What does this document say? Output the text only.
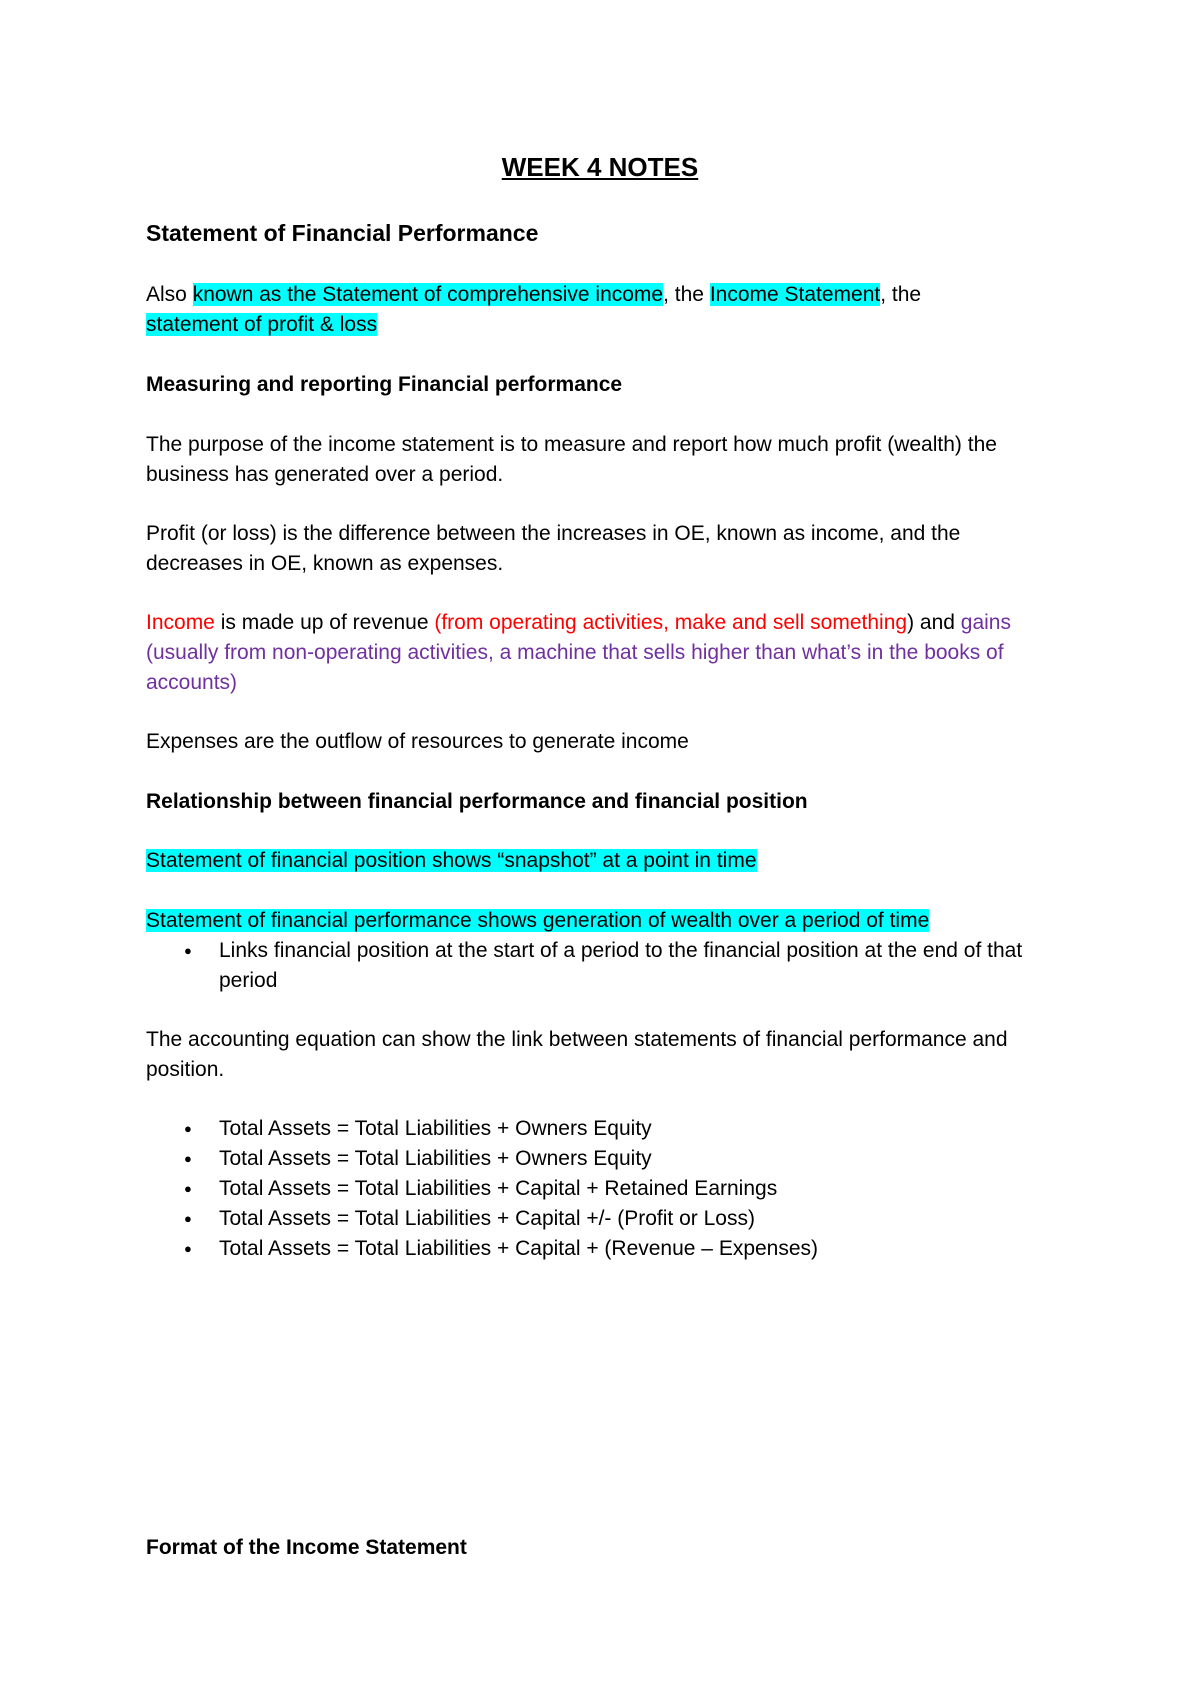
WEEK 4 NOTES

Statement of Financial Performance

Also known as the Statement of comprehensive income, the Income Statement, the
statement of profit & loss

Measuring and reporting Financial performance

The purpose of the income statement is to measure and report how much profit (wealth) the business has generated over a period.

Profit (or loss) is the difference between the increases in OE, known as income, and the decreases in OE, known as expenses.

Income is made up of revenue (from operating activities, make and sell something) and gains (usually from non-operating activities, a machine that sells higher than what’s in the books of accounts)

Expenses are the outflow of resources to generate income

Relationship between financial performance and financial position

Statement of financial position shows “snapshot” at a point in time

Statement of financial performance shows generation of wealth over a period of time

● Links financial position at the start of a period to the financial position at the end of that period

The accounting equation can show the link between statements of financial performance and position.

● Total Assets = Total Liabilities + Owners Equity
● Total Assets = Total Liabilities + Owners Equity
● Total Assets = Total Liabilities + Capital + Retained Earnings
● Total Assets = Total Liabilities + Capital +/- (Profit or Loss)
● Total Assets = Total Liabilities + Capital + (Revenue – Expenses)

Format of the Income Statement
